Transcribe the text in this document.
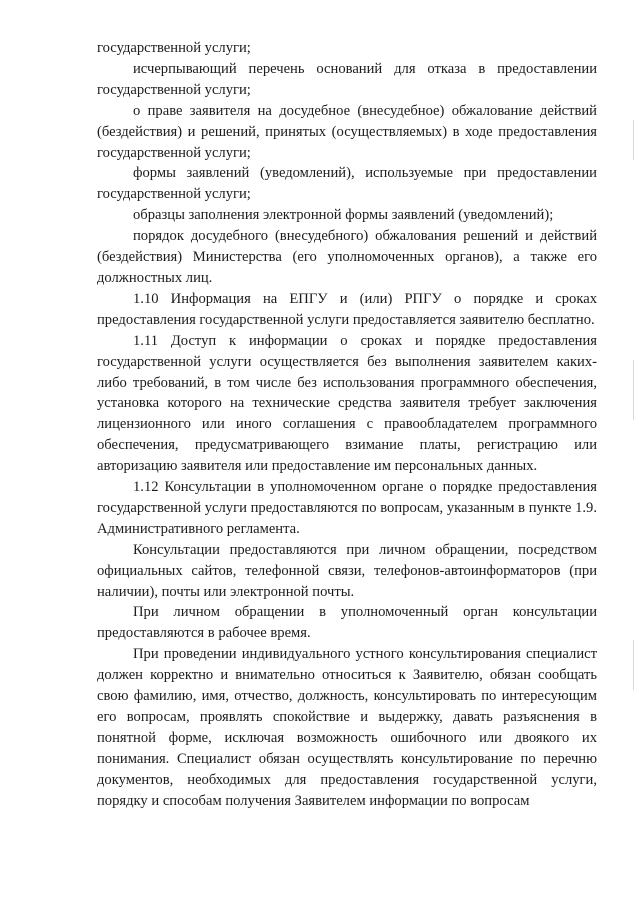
государственной услуги;

исчерпывающий перечень оснований для отказа в предоставлении государственной услуги;

о праве заявителя на досудебное (внесудебное) обжалование действий (бездействия) и решений, принятых (осуществляемых) в ходе предоставления государственной услуги;

формы заявлений (уведомлений), используемые при предоставлении государственной услуги;

образцы заполнения электронной формы заявлений (уведомлений);

порядок досудебного (внесудебного) обжалования решений и действий (бездействия) Министерства (его уполномоченных органов), а также его должностных лиц.

1.10 Информация на ЕПГУ и (или) РПГУ о порядке и сроках предоставления государственной услуги предоставляется заявителю бесплатно.

1.11 Доступ к информации о сроках и порядке предоставления государственной услуги осуществляется без выполнения заявителем каких-либо требований, в том числе без использования программного обеспечения, установка которого на технические средства заявителя требует заключения лицензионного или иного соглашения с правообладателем программного обеспечения, предусматривающего взимание платы, регистрацию или авторизацию заявителя или предоставление им персональных данных.

1.12 Консультации в уполномоченном органе о порядке предоставления государственной услуги предоставляются по вопросам, указанным в пункте 1.9. Административного регламента.

Консультации предоставляются при личном обращении, посредством официальных сайтов, телефонной связи, телефонов-автоинформаторов (при наличии), почты или электронной почты.

При личном обращении в уполномоченный орган консультации предоставляются в рабочее время.

При проведении индивидуального устного консультирования специалист должен корректно и внимательно относиться к Заявителю, обязан сообщать свою фамилию, имя, отчество, должность, консультировать по интересующим его вопросам, проявлять спокойствие и выдержку, давать разъяснения в понятной форме, исключая возможность ошибочного или двоякого их понимания. Специалист обязан осуществлять консультирование по перечню документов, необходимых для предоставления государственной услуги, порядку и способам получения Заявителем информации по вопросам
